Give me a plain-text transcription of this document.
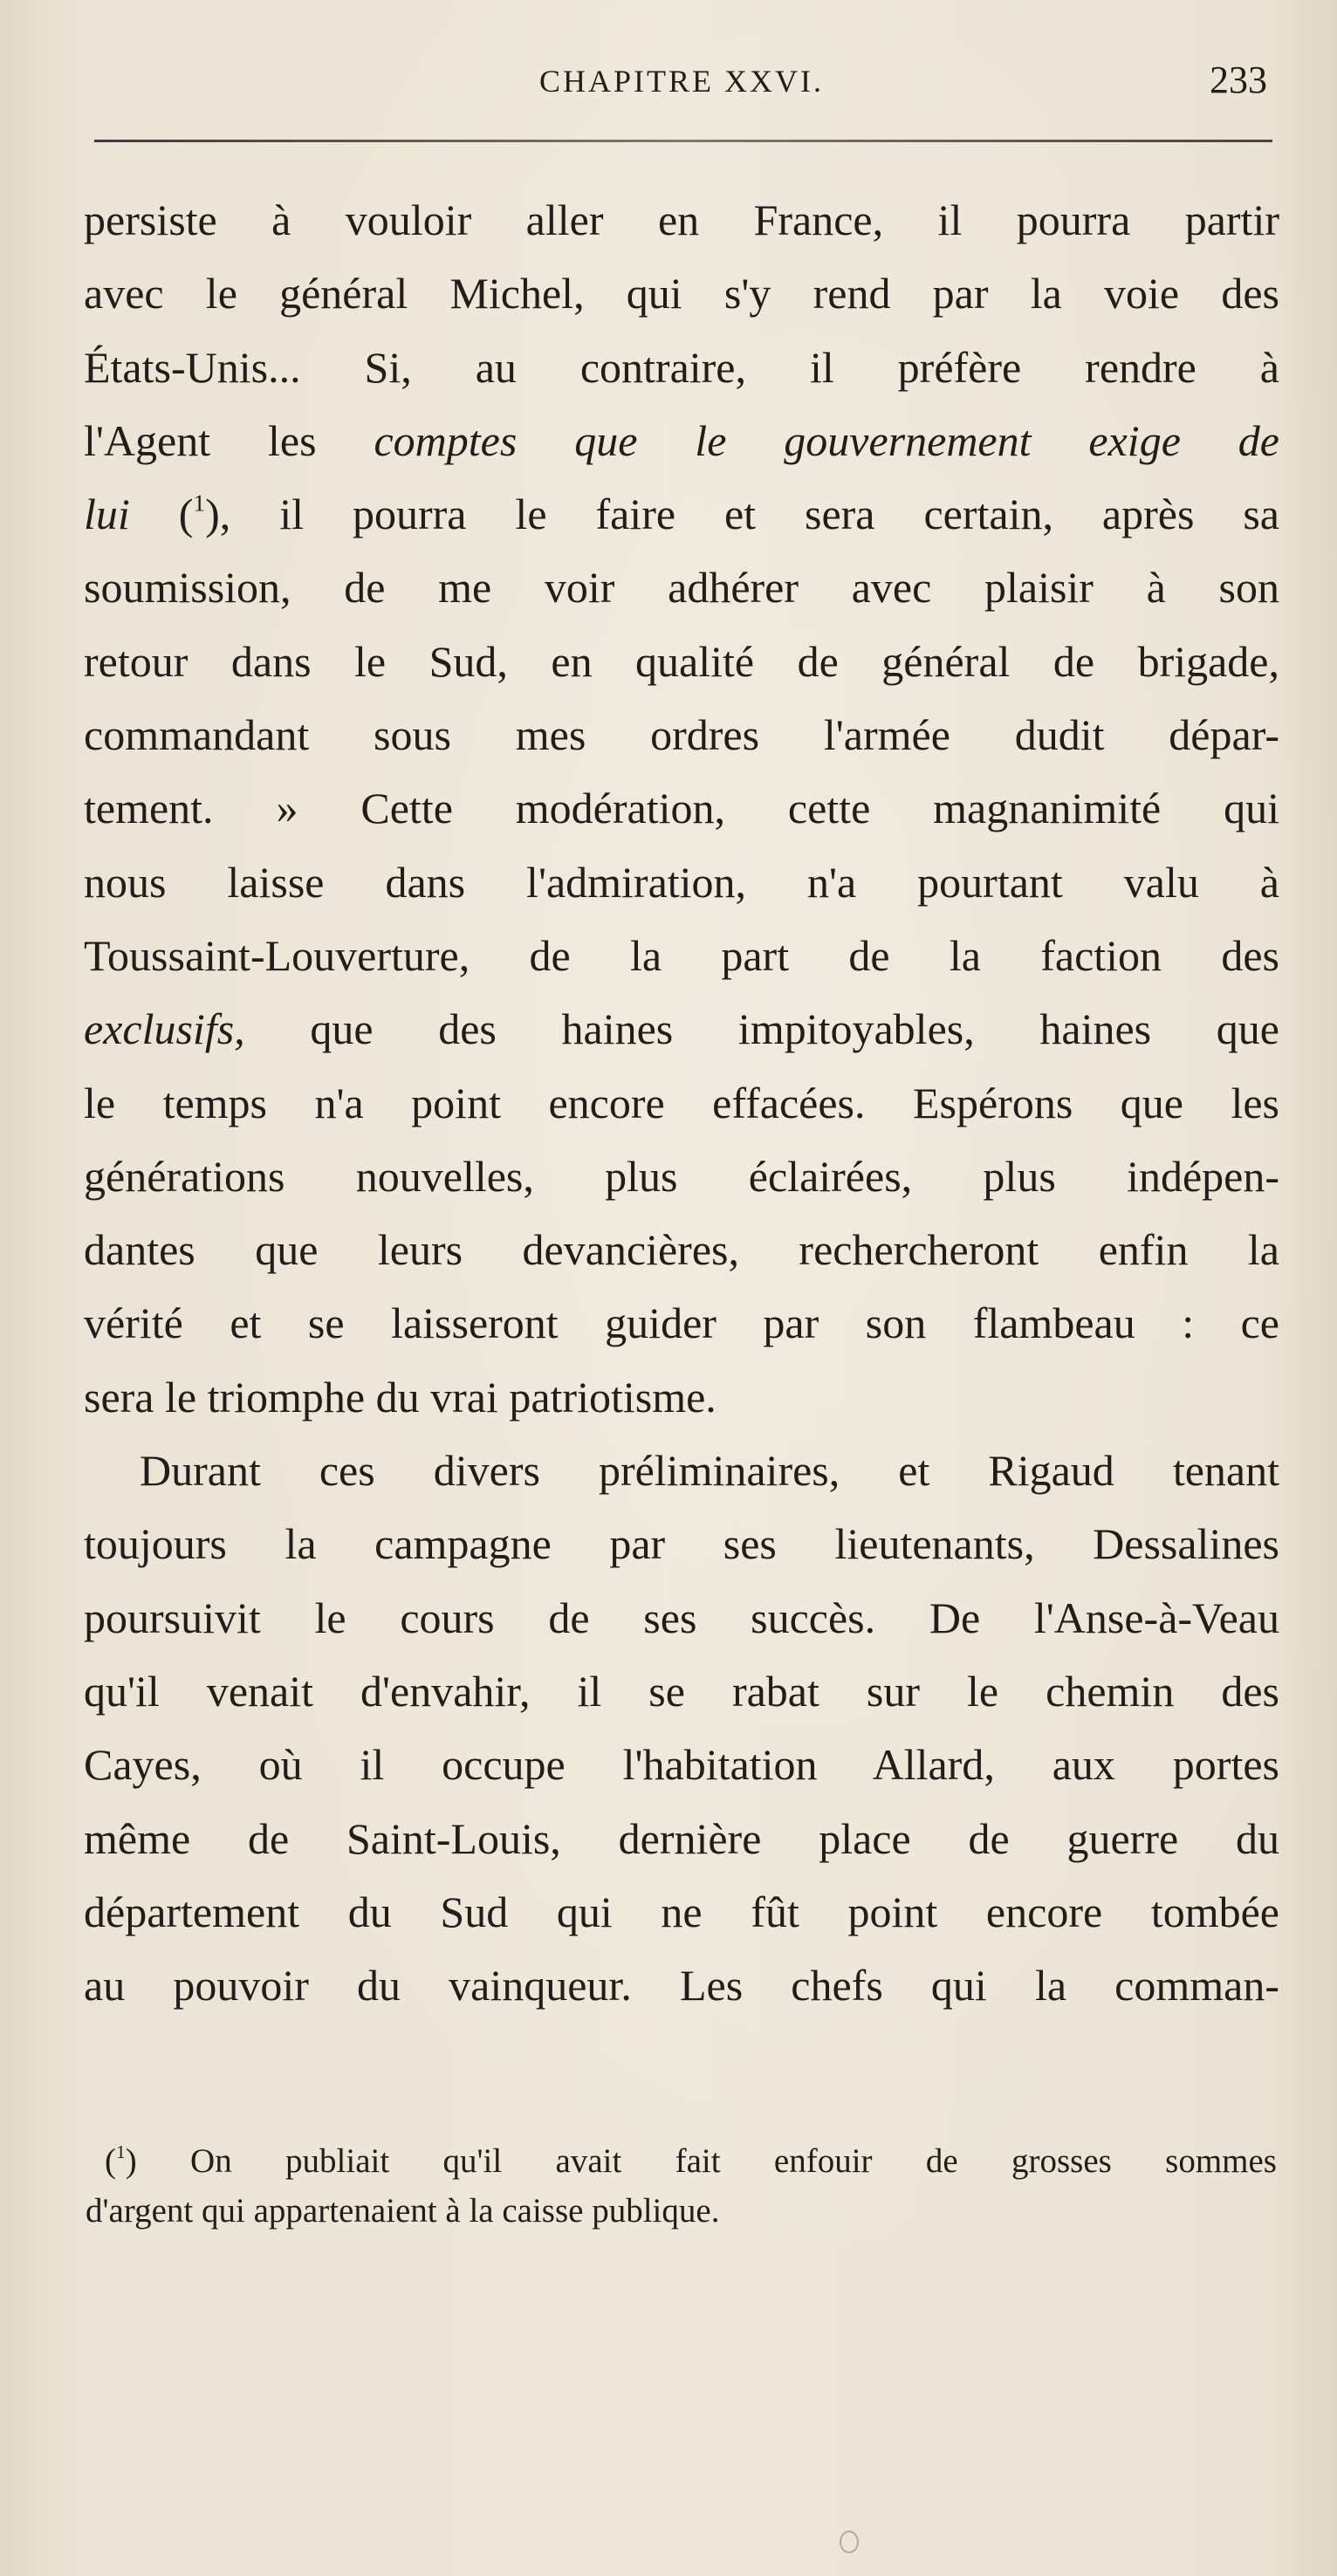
CHAPITRE XXVI.	233
persiste à vouloir aller en France, il pourra partir
avec le général Michel, qui s'y rend par la voie des
États-Unis... Si, au contraire, il préfère rendre à
l'Agent les comptes que le gouvernement exige de
lui ($^1$), il pourra le faire et sera certain, après sa
soumission, de me voir adhérer avec plaisir à son
retour dans le Sud, en qualité de général de brigade,
commandant sous mes ordres l'armée dudit dépar-
tement. » Cette modération, cette magnanimité qui
nous laisse dans l'admiration, n'a pourtant valu à
Toussaint-Louverture, de la part de la faction des
exclusifs, que des haines impitoyables, haines que
le temps n'a point encore effacées. Espérons que les
générations nouvelles, plus éclairées, plus indépen-
dantes que leurs devancières, rechercheront enfin la
vérité et se laisseront guider par son flambeau : ce
sera le triomphe du vrai patriotisme.
Durant ces divers préliminaires, et Rigaud tenant
toujours la campagne par ses lieutenants, Dessalines
poursuivit le cours de ses succès. De l'Anse-à-Veau
qu'il venait d'envahir, il se rabat sur le chemin des
Cayes, où il occupe l'habitation Allard, aux portes
même de Saint-Louis, dernière place de guerre du
département du Sud qui ne fût point encore tombée
au pouvoir du vainqueur. Les chefs qui la comman-
($^1$) On publiait qu'il avait fait enfouir de grosses sommes
d'argent qui appartenaient à la caisse publique.
